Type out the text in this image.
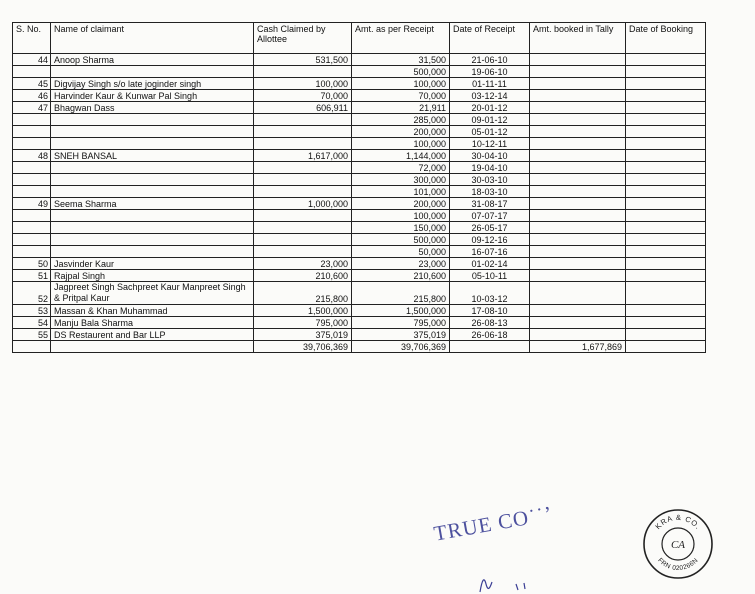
S. No.	Name of claimant	Cash Claimed by Allottee	Amt. as per Receipt	Date of Receipt	Amt. booked in Tally	Date of Booking
44	Anoop Sharma	531,500	31,500	21-06-10		
			500,000	19-06-10		
45	Digvijay Singh s/o late joginder singh	100,000	100,000	01-11-11		
46	Harvinder Kaur & Kunwar Pal Singh	70,000	70,000	03-12-14		
47	Bhagwan Dass	606,911	21,911	20-01-12		
			285,000	09-01-12		
			200,000	05-01-12		
			100,000	10-12-11		
48	SNEH BANSAL	1,617,000	1,144,000	30-04-10		
			72,000	19-04-10		
			300,000	30-03-10		
			101,000	18-03-10		
49	Seema Sharma	1,000,000	200,000	31-08-17		
			100,000	07-07-17		
			150,000	26-05-17		
			500,000	09-12-16		
			50,000	16-07-16		
50	Jasvinder Kaur	23,000	23,000	01-02-14		
51	Rajpal Singh	210,600	210,600	05-10-11		
52	Jagpreet Singh Sachpreet Kaur Manpreet Singh & Pritpal Kaur	215,800	215,800	10-03-12		
53	Massan & Khan Muhammad	1,500,000	1,500,000	17-08-10		
54	Manju Bala Sharma	795,000	795,000	26-08-13		
55	DS Restaurent and Bar LLP	375,019	375,019	26-06-18		
		39,706,369	39,706,369		1,677,869	
TRUE CO˙˙’	KRA & CO.
FRN 020266N
CA
